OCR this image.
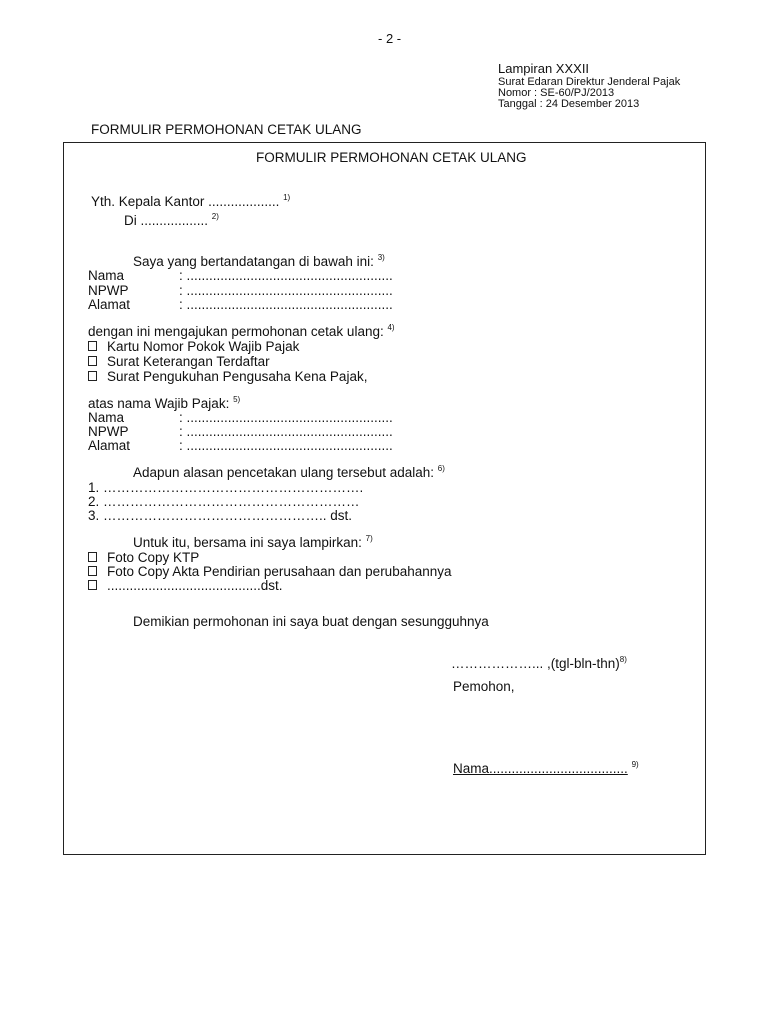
- 2 -
Lampiran XXXII
Surat Edaran Direktur Jenderal Pajak
Nomor : SE-60/PJ/2013
Tanggal : 24 Desember 2013
FORMULIR PERMOHONAN CETAK ULANG
FORMULIR PERMOHONAN CETAK ULANG
Yth. Kepala Kantor ................... $^{1)}$
Di .................. $^{2)}$
Saya yang bertandatangan di bawah ini: $^{3)}$
Nama	: .......................................................
NPWP	: .......................................................
Alamat	: .......................................................
dengan ini mengajukan permohonan cetak ulang: $^{4)}$
Kartu Nomor Pokok Wajib Pajak
Surat Keterangan Terdaftar
Surat Pengukuhan Pengusaha Kena Pajak,
atas nama Wajib Pajak: $^{5)}$
Nama	: .......................................................
NPWP	: .......................................................
Alamat	: .......................................................
Adapun alasan pencetakan ulang tersebut adalah: $^{6)}$
1. ………………………………………………….
2. …………………………………………………
3. ………………………………………….. dst.
Untuk itu, bersama ini saya lampirkan: $^{7)}$
Foto Copy KTP
Foto Copy Akta Pendirian perusahaan dan perubahannya
.........................................dst.
Demikian permohonan ini saya buat dengan sesungguhnya
………………... $,(tgl-bln-thn)^{8)}$
Pemohon,
Nama..................................... $^{9)}$
